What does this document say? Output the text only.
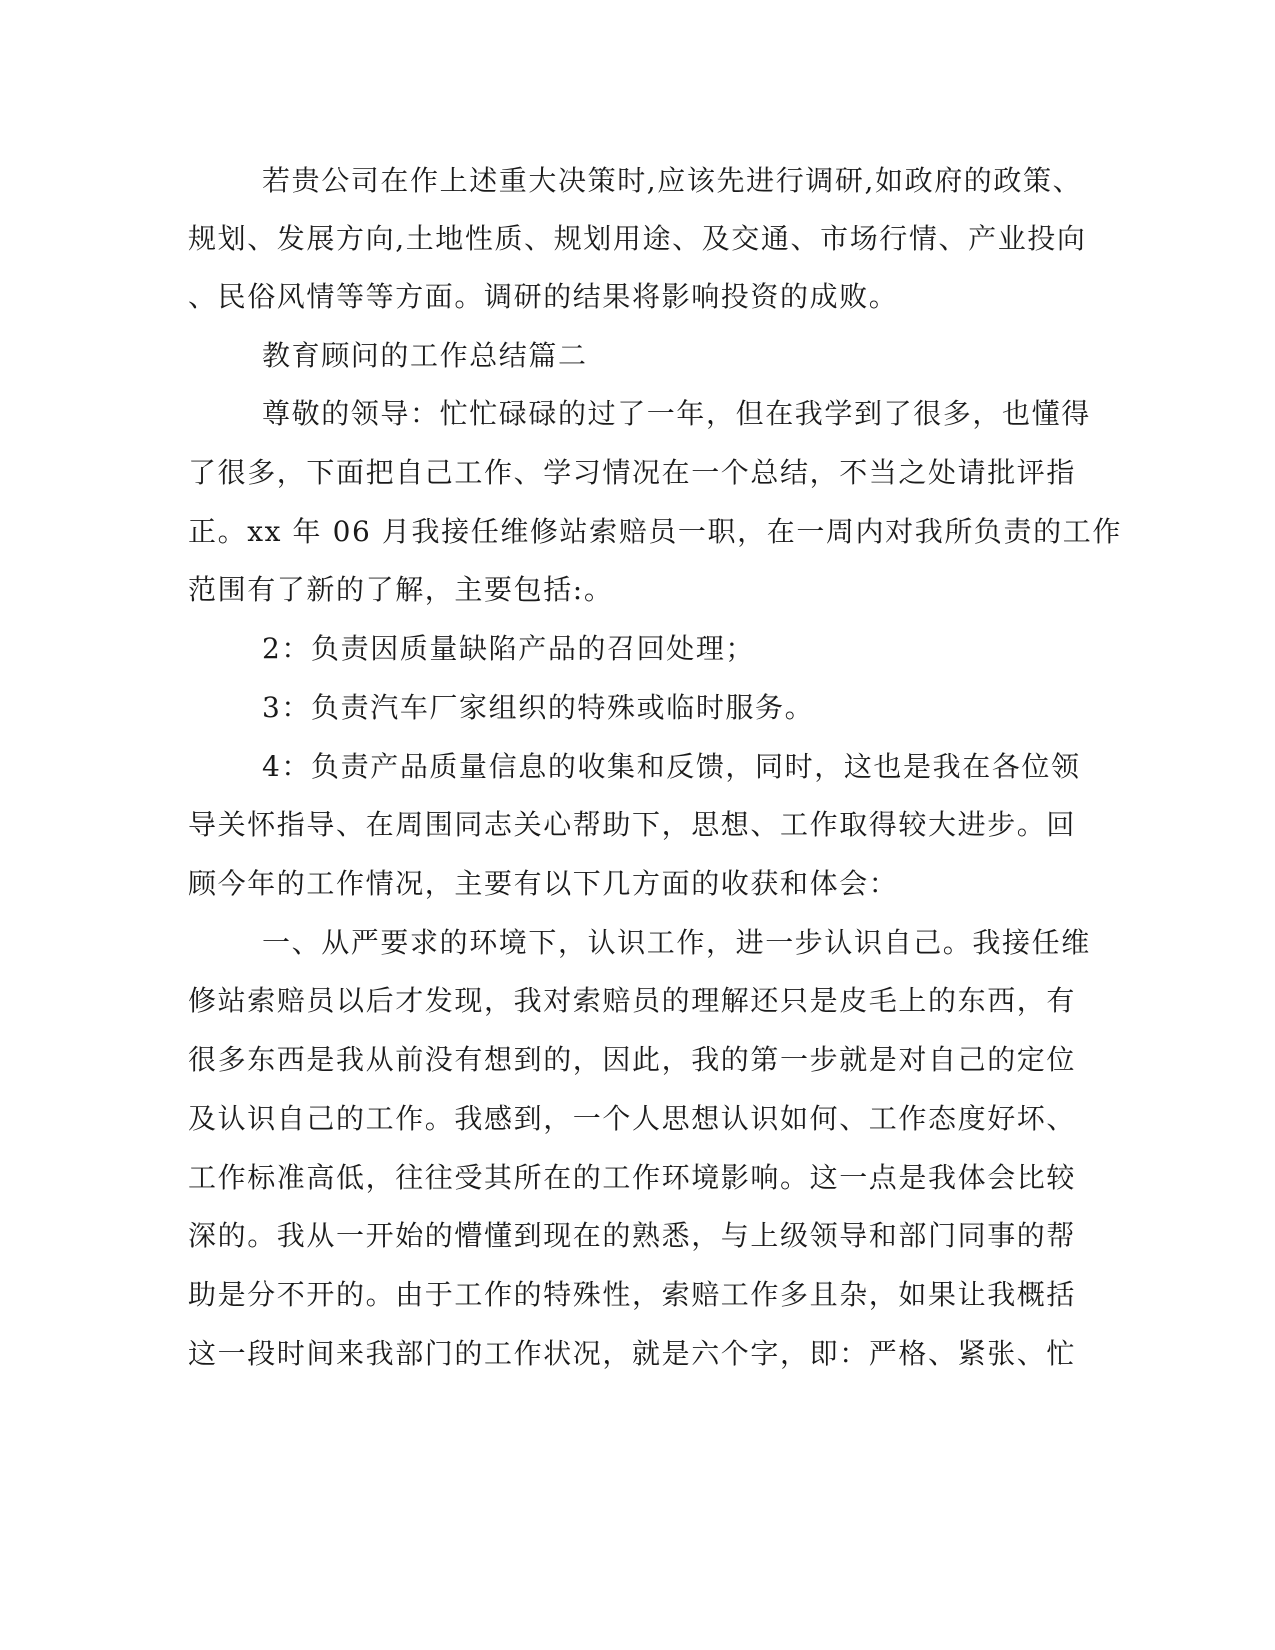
若贵公司在作上述重大决策时,应该先进行调研,如政府的政策、
规划、发展方向,土地性质、规划用途、及交通、市场行情、产业投向
、民俗风情等等方面。调研的结果将影响投资的成败。
教育顾问的工作总结篇二
尊敬的领导：忙忙碌碌的过了一年，但在我学到了很多，也懂得
了很多，下面把自己工作、学习情况在一个总结，不当之处请批评指
正。xx 年 06 月我接任维修站索赔员一职，在一周内对我所负责的工作
范围有了新的了解，主要包括:。
2：负责因质量缺陷产品的召回处理；
3：负责汽车厂家组织的特殊或临时服务。
4：负责产品质量信息的收集和反馈，同时，这也是我在各位领
导关怀指导、在周围同志关心帮助下，思想、工作取得较大进步。回
顾今年的工作情况，主要有以下几方面的收获和体会：
一、从严要求的环境下，认识工作，进一步认识自己。我接任维
修站索赔员以后才发现，我对索赔员的理解还只是皮毛上的东西，有
很多东西是我从前没有想到的，因此，我的第一步就是对自己的定位
及认识自己的工作。我感到，一个人思想认识如何、工作态度好坏、
工作标准高低，往往受其所在的工作环境影响。这一点是我体会比较
深的。我从一开始的懵懂到现在的熟悉，与上级领导和部门同事的帮
助是分不开的。由于工作的特殊性，索赔工作多且杂，如果让我概括
这一段时间来我部门的工作状况，就是六个字，即：严格、紧张、忙
